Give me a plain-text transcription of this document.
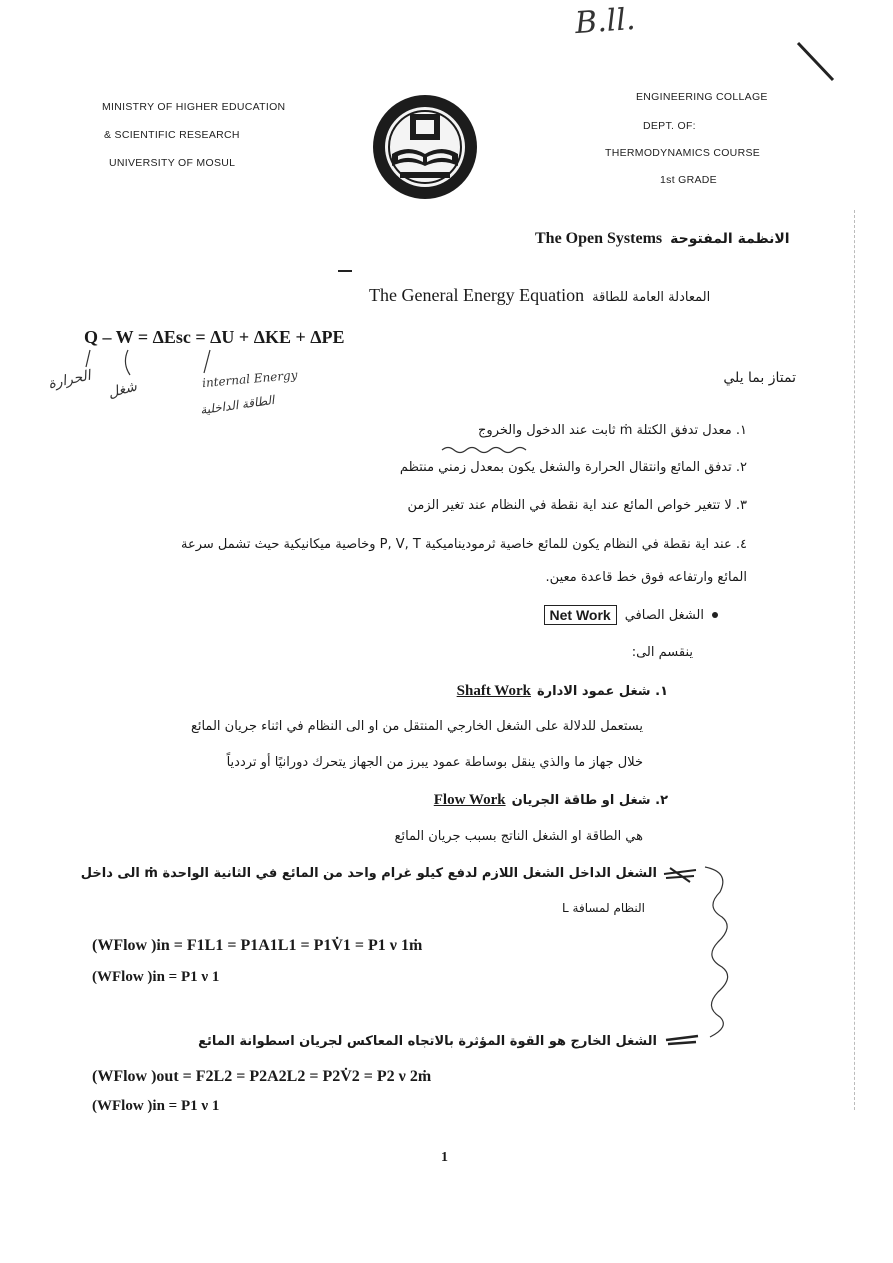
MINISTRY OF HIGHER EDUCATION
& SCIENTIFIC RESEARCH
UNIVERSITY OF MOSUL
ENGINEERING COLLAGE
DEPT. OF:
THERMODYNAMICS COURSE
1st GRADE
B.ll.
The Open Systems الانظمة المفتوحة
The General Energy Equation المعادلة العامة للطاقة
Q – W = ΔEsc = ΔU + ΔKE + ΔPE
الحرارة شغل	internal Energy
الطاقة الداخلية
تمتاز بما يلي
١. معدل تدفق الكتلة ṁ ثابت عند الدخول والخروج
٢. تدفق المائع وانتقال الحرارة والشغل يكون بمعدل زمني منتظم
٣. لا تتغير خواص المائع عند اية نقطة في النظام عند تغير الزمن
٤. عند اية نقطة في النظام يكون للمائع خاصية ثرموديناميكية P, V, T وخاصية ميكانيكية حيث تشمل سرعة
المائع وارتفاعه فوق خط قاعدة معين.
الشغل الصافي
Net Work
ينقسم الى:
١. شغل عمود الادارة
Shaft Work
يستعمل للدلالة على الشغل الخارجي المنتقل من او الى النظام في اثناء جريان المائع
خلال جهاز ما والذي ينقل بوساطة عمود يبرز من الجهاز يتحرك دورانيًا أو ترددياً
٢. شغل او طاقة الجريان
Flow Work
هي الطاقة او الشغل الناتج بسبب جريان المائع
الشغل الداخل الشغل اللازم لدفع كيلو غرام واحد من المائع في الثانية الواحدة ṁ الى داخل
النظام لمسافة L
(WFlow )in = F1L1 = P1A1L1 = P1V̇1 = P1 ν 1ṁ
(WFlow )in = P1 ν 1
الشغل الخارج هو القوة المؤثرة بالاتجاه المعاكس لجريان اسطوانة المائع
(WFlow )out = F2L2 = P2A2L2 = P2V̇2 = P2 ν 2ṁ
(WFlow )in = P1 ν 1
1
